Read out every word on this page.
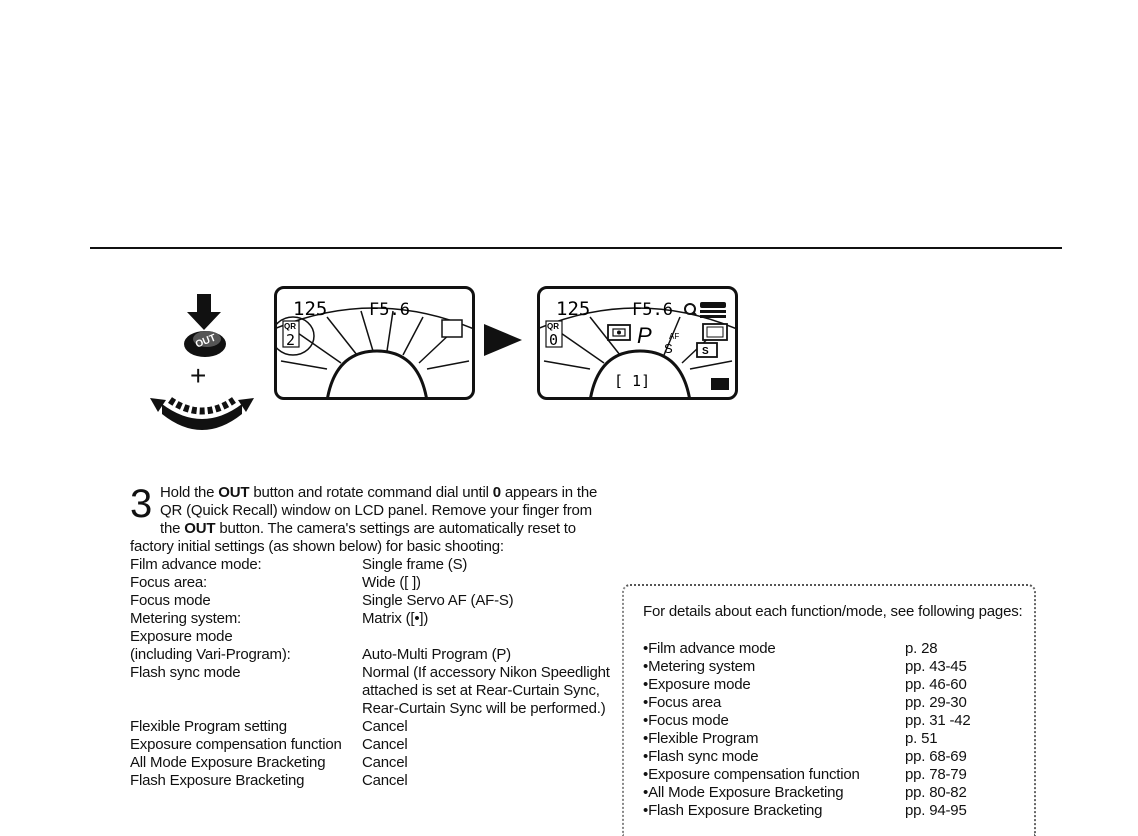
OUT
+
QR
2
125 F5.6
QR
0
125 F5.6
P AF
S	S
[ 1]
3 Hold the OUT button and rotate command dial until 0 appears in the QR (Quick Recall) window on LCD panel. Remove your finger from the OUT button. The camera's settings are automatically reset to factory initial settings (as shown below) for basic shooting:
Film advance mode:	Single frame (S)
Focus area:	Wide ([ ])
Focus mode	Single Servo AF (AF-S)
Metering system:	Matrix ([•])
Exposure mode
(including Vari-Program):	Auto-Multi Program (P)
Flash sync mode	Normal (If accessory Nikon Speedlight attached is set at Rear-Curtain Sync, Rear-Curtain Sync will be performed.)
Flexible Program setting	Cancel
Exposure compensation function	Cancel
All Mode Exposure Bracketing	Cancel
Flash Exposure Bracketing	Cancel
For details about each function/mode, see following pages:
• Film advance mode	p. 28
• Metering system	pp. 43-45
• Exposure mode	pp. 46-60
• Focus area	pp. 29-30
• Focus mode	pp. 31 -42
• Flexible Program	p. 51
• Flash sync mode	pp. 68-69
• Exposure compensation function	pp. 78-79
• All Mode Exposure Bracketing	pp. 80-82
• Flash Exposure Bracketing	pp. 94-95
